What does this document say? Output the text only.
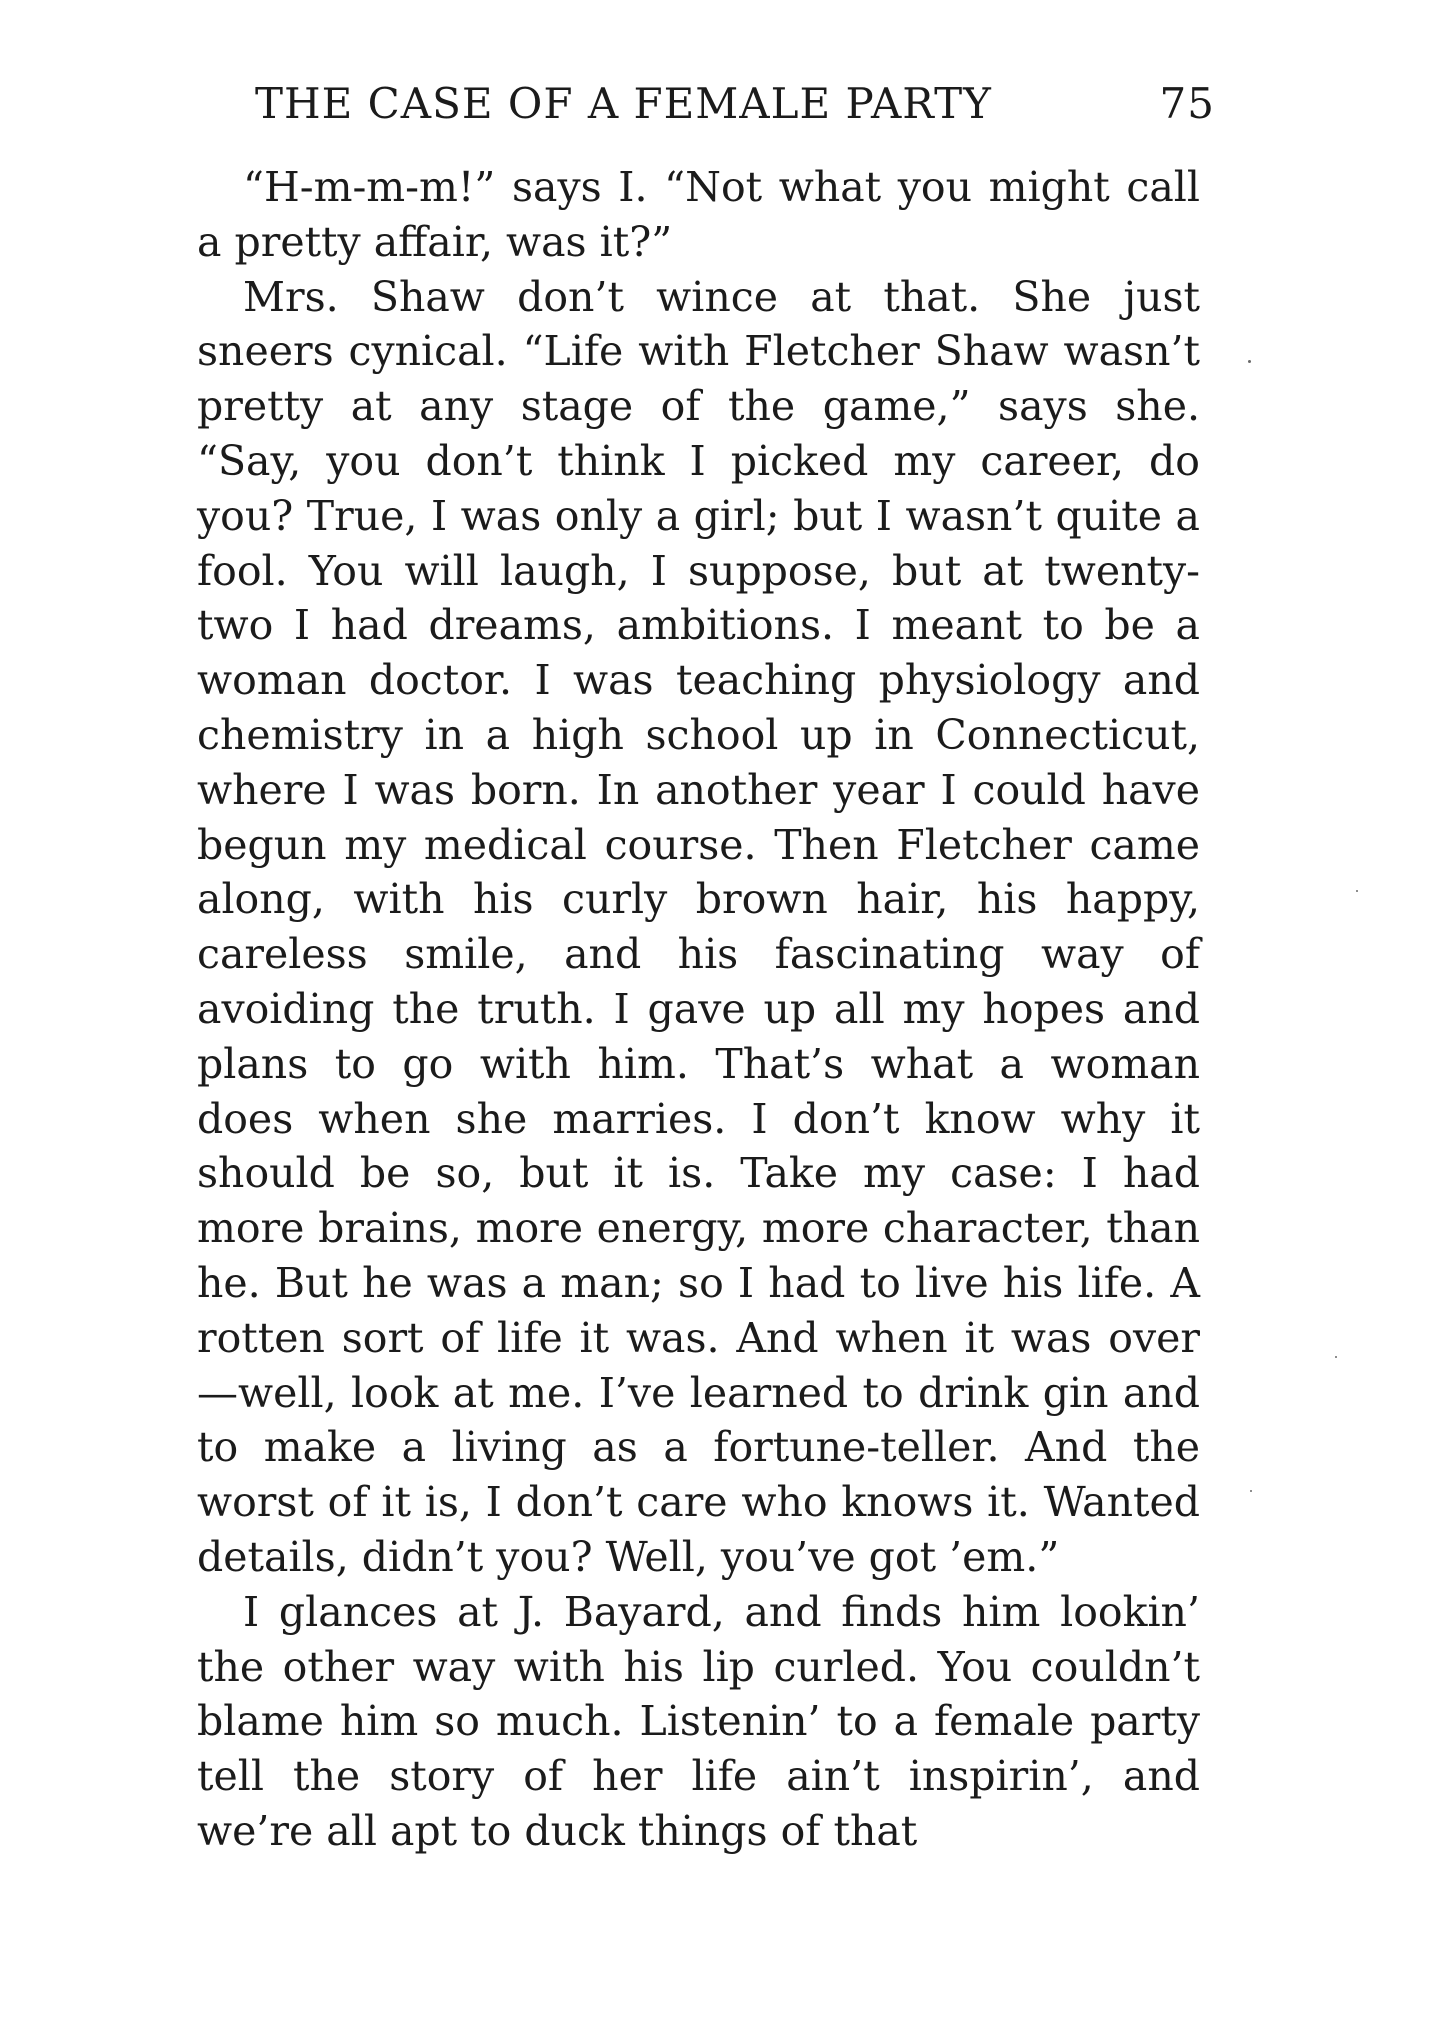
THE CASE OF A FEMALE PARTY	75

“H-m-m-m!” says I. “Not what you might call a pretty affair, was it?”

Mrs. Shaw don’t wince at that. She just sneers cynical. “Life with Fletcher Shaw wasn’t pretty at any stage of the game,” says she. “Say, you don’t think I picked my career, do you? True, I was only a girl; but I wasn’t quite a fool. You will laugh, I suppose, but at twenty-two I had dreams, ambitions. I meant to be a woman doctor. I was teaching physiology and chemistry in a high school up in Connecticut, where I was born. In another year I could have begun my medical course. Then Fletcher came along, with his curly brown hair, his happy, careless smile, and his fascinating way of avoiding the truth. I gave up all my hopes and plans to go with him. That’s what a woman does when she marries. I don’t know why it should be so, but it is. Take my case: I had more brains, more energy, more character, than he. But he was a man; so I had to live his life. A rotten sort of life it was. And when it was over—well, look at me. I’ve learned to drink gin and to make a living as a fortune-teller. And the worst of it is, I don’t care who knows it. Wanted details, didn’t you? Well, you’ve got ’em.”

I glances at J. Bayard, and finds him lookin’ the other way with his lip curled. You couldn’t blame him so much. Listenin’ to a female party tell the story of her life ain’t inspirin’, and we’re all apt to duck things of that
